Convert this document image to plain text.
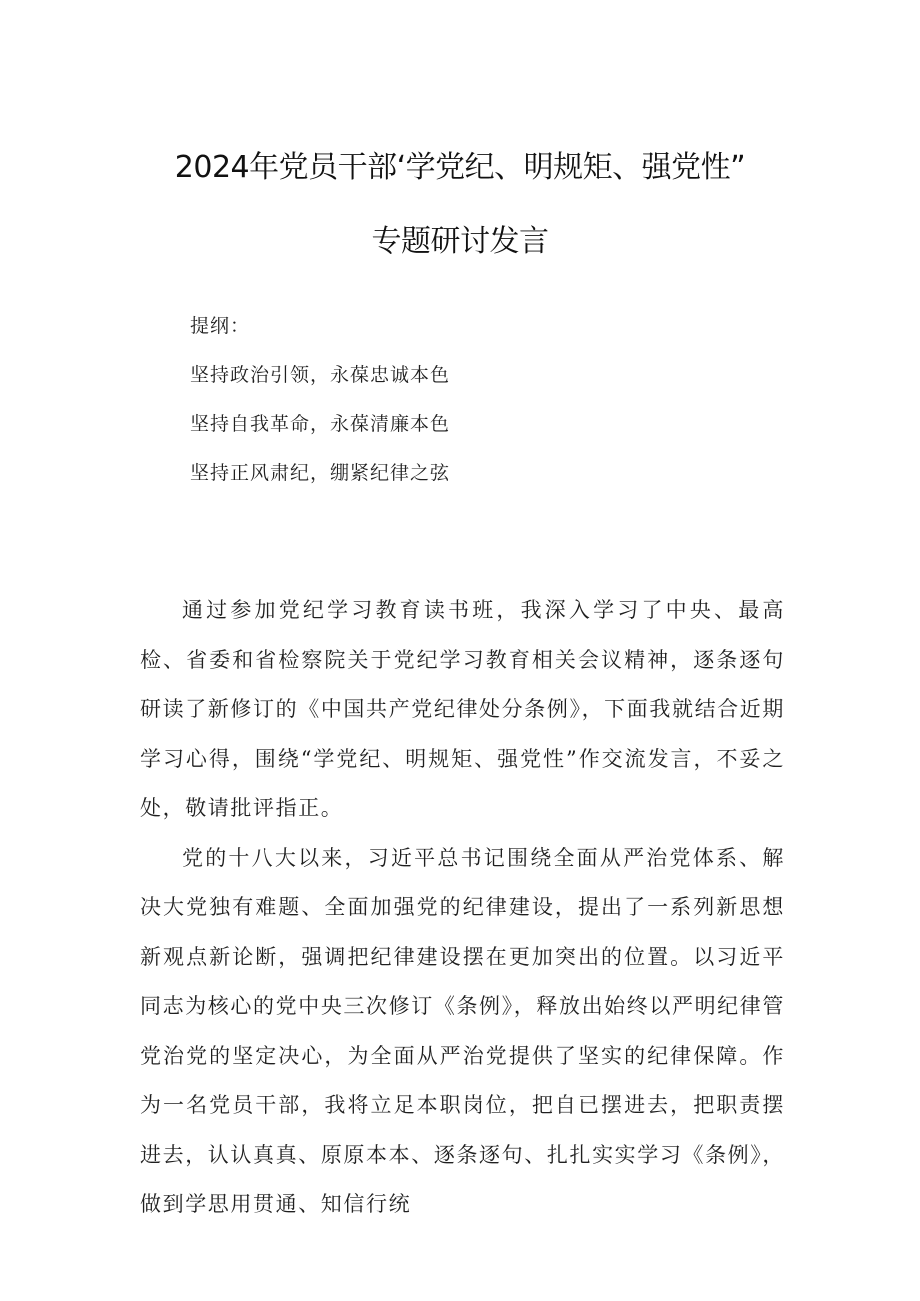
2024年党员干部‘学党纪、明规矩、强党性”
专题研讨发言
提纲：
坚持政治引领，永葆忠诚本色
坚持自我革命，永葆清廉本色
坚持正风肃纪，绷紧纪律之弦

通过参加党纪学习教育读书班，我深入学习了中央、最高检、省委和省检察院关于党纪学习教育相关会议精神，逐条逐句研读了新修订的《中国共产党纪律处分条例》，下面我就结合近期学习心得，围绕“学党纪、明规矩、强党性”作交流发言，不妥之处，敬请批评指正。

党的十八大以来，习近平总书记围绕全面从严治党体系、解决大党独有难题、全面加强党的纪律建设，提出了一系列新思想新观点新论断，强调把纪律建设摆在更加突出的位置。以习近平同志为核心的党中央三次修订《条例》，释放出始终以严明纪律管党治党的坚定决心，为全面从严治党提供了坚实的纪律保障。作为一名党员干部，我将立足本职岗位，把自已摆进去，把职责摆进去，认认真真、原原本本、逐条逐句、扎扎实实学习《条例》，做到学思用贯通、知信行统
